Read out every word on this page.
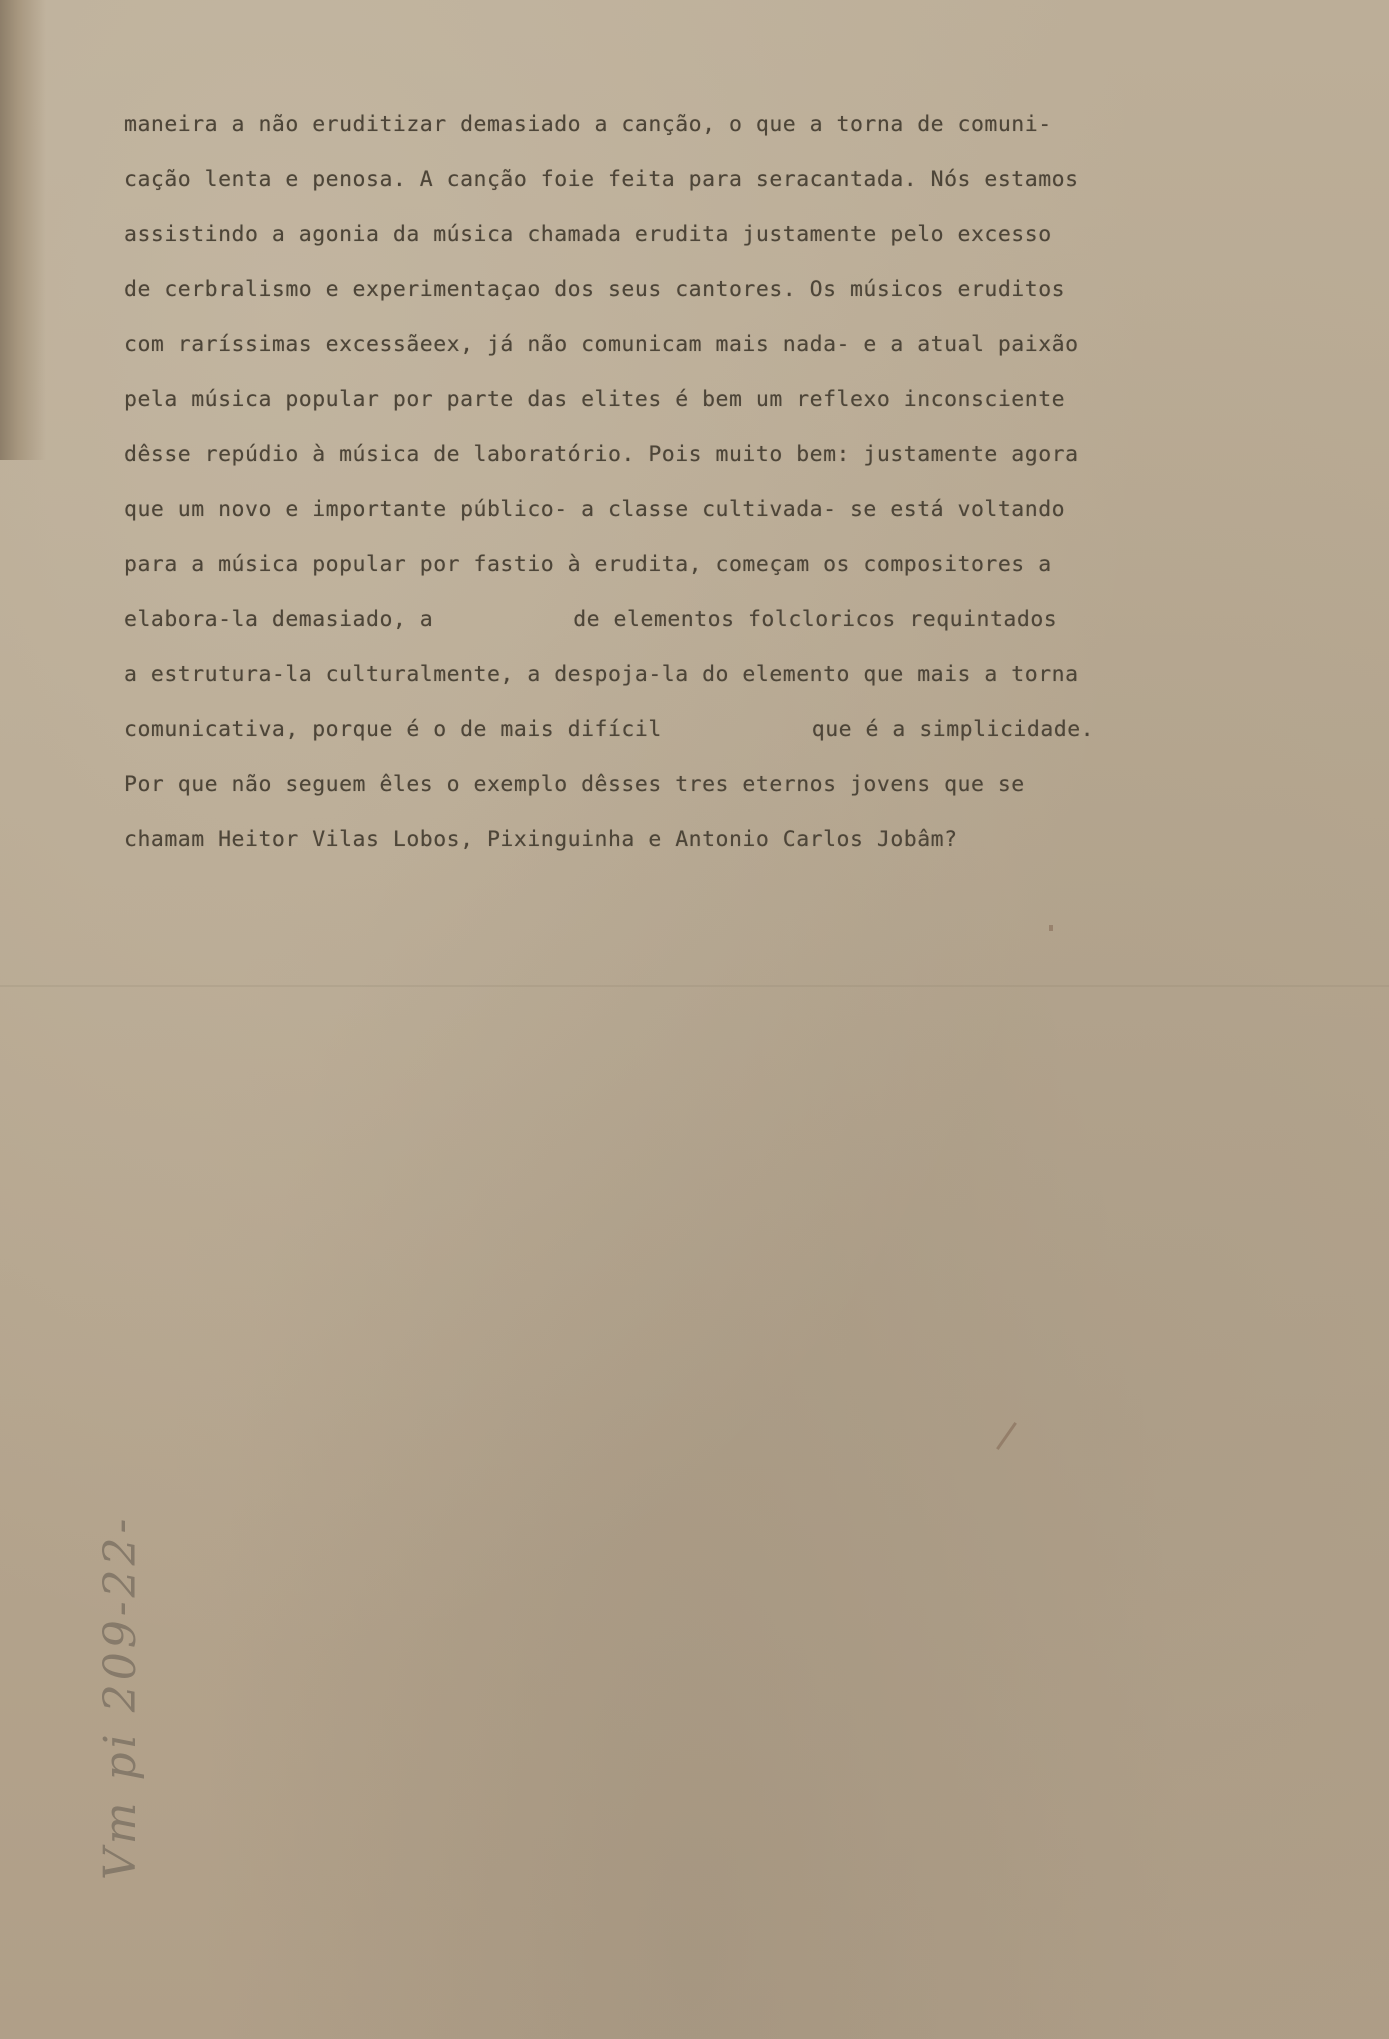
maneira a não eruditizar demasiado a canção, o que a torna de comuni-
cação lenta e penosa. A canção foie feita para seracantada. Nós estamos
assistindo a agonia da música chamada erudita justamente pelo excesso
de cerbralismo e experimentaçao dos seus cantores. Os músicos eruditos
com raríssimas excessãeex, já não comunicam mais nada- e a atual paixão
pela música popular por parte das elites é bem um reflexo inconsciente
dêsse repúdio à música de laboratório. Pois muito bem: justamente agora
que um novo e importante público- a classe cultivada- se está voltando
para a música popular por fastio à erudita, começam os compositores a
elabora-la demasiado, a	de elementos folcloricos requintados
a estrutura-la culturalmente, a despoja-la do elemento que mais a torna
comunicativa, porque é o de mais difícil	que é a simplicidade.
Por que não seguem êles o exemplo dêsses tres eternos jovens que se
chamam Heitor Vilas Lobos, Pixinguinha e Antonio Carlos Jobâm?
Vm pi 209-22-
